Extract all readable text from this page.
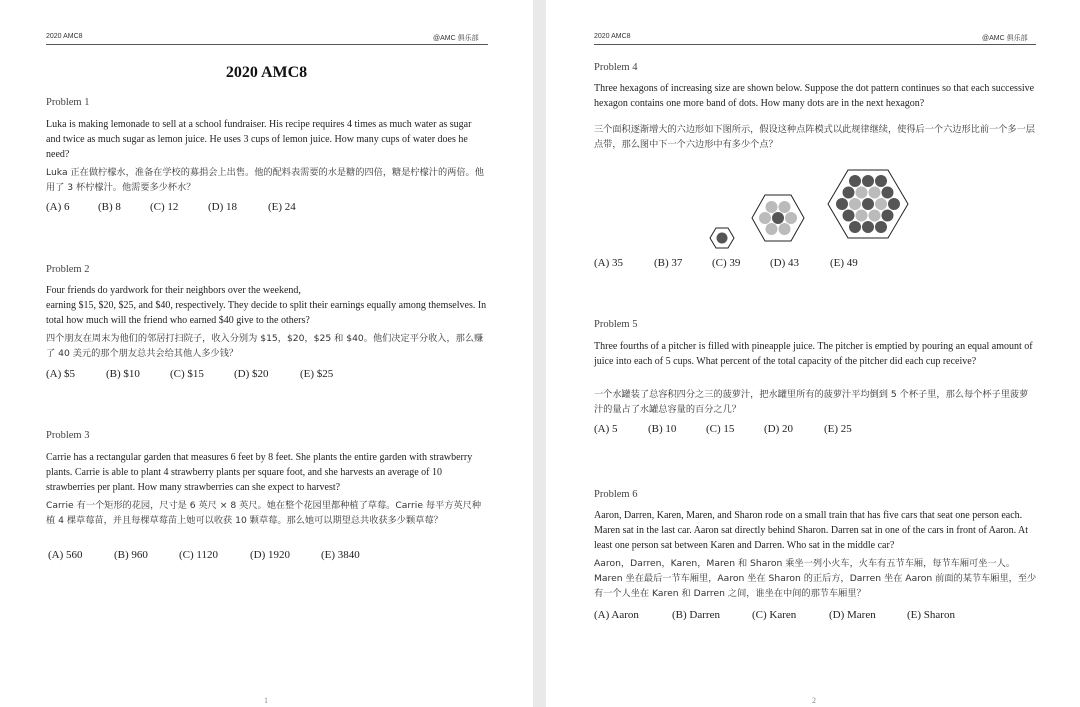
2020 AMC8	@AMC 俱乐部
2020 AMC8
Problem 1
Luka is making lemonade to sell at a school fundraiser. His recipe requires 4 times as much water as sugar and twice as much sugar as lemon juice. He uses 3 cups of lemon juice. How many cups of water does he need?
Luka 正在做柠檬水，准备在学校的募捐会上出售。他的配料表需要的水是糖的四倍，糖是柠檬汁的两倍。他用了 3 杯柠檬汁。他需要多少杯水？
(A) 6	(B) 8	(C) 12	(D) 18	(E) 24
Problem 2
Four friends do yardwork for their neighbors over the weekend,
earning $15, $20, $25, and $40, respectively. They decide to split their earnings equally among themselves. In total how much will the friend who earned $40 give to the others?
四个朋友在周末为他们的邻居打扫院子，收入分别为 $15，$20，$25 和 $40。他们决定平分收入，那么赚了 40 美元的那个朋友总共会给其他人多少钱？
(A) $5	(B) $10	(C) $15	(D) $20	(E) $25
Problem 3
Carrie has a rectangular garden that measures 6 feet by 8 feet. She plants the entire garden with strawberry plants. Carrie is able to plant 4 strawberry plants per square foot, and she harvests an average of 10 strawberries per plant. How many strawberries can she expect to harvest?
Carrie 有一个矩形的花园，尺寸是 6 英尺 × 8 英尺。她在整个花园里都种植了草莓。Carrie 每平方英尺种植 4 棵草莓苗，并且每棵草莓苗上她可以收获 10 颗草莓。那么她可以期望总共收获多少颗草莓？
(A) 560	(B) 960	(C) 1120	(D) 1920	(E) 3840
1
2020 AMC8	@AMC 俱乐部
Problem 4
Three hexagons of increasing size are shown below. Suppose the dot pattern continues so that each successive hexagon contains one more band of dots. How many dots are in the next hexagon?
三个面积逐渐增大的六边形如下图所示，假设这种点阵模式以此规律继续，使得后一个六边形比前一个多一层点带，那么图中下一个六边形中有多少个点？
(A) 35	(B) 37	(C) 39	(D) 43	(E) 49
Problem 5
Three fourths of a pitcher is filled with pineapple juice. The pitcher is emptied by pouring an equal amount of juice into each of 5 cups. What percent of the total capacity of the pitcher did each cup receive?
一个水罐装了总容积四分之三的菠萝汁，把水罐里所有的菠萝汁平均倒到 5 个杯子里，那么每个杯子里菠萝汁的量占了水罐总容量的百分之几？
(A) 5	(B) 10	(C) 15	(D) 20	(E) 25
Problem 6
Aaron, Darren, Karen, Maren, and Sharon rode on a small train that has five cars that seat one person each. Maren sat in the last car. Aaron sat directly behind Sharon. Darren sat in one of the cars in front of Aaron. At least one person sat between Karen and Darren. Who sat in the middle car?
Aaron，Darren，Karen，Maren 和 Sharon 乘坐一列小火车，火车有五节车厢，每节车厢可坐一人。Maren 坐在最后一节车厢里，Aaron 坐在 Sharon 的正后方，Darren 坐在 Aaron 前面的某节车厢里，至少有一个人坐在 Karen 和 Darren 之间，谁坐在中间的那节车厢里？
(A) Aaron	(B) Darren	(C) Karen	(D) Maren	(E) Sharon
2
